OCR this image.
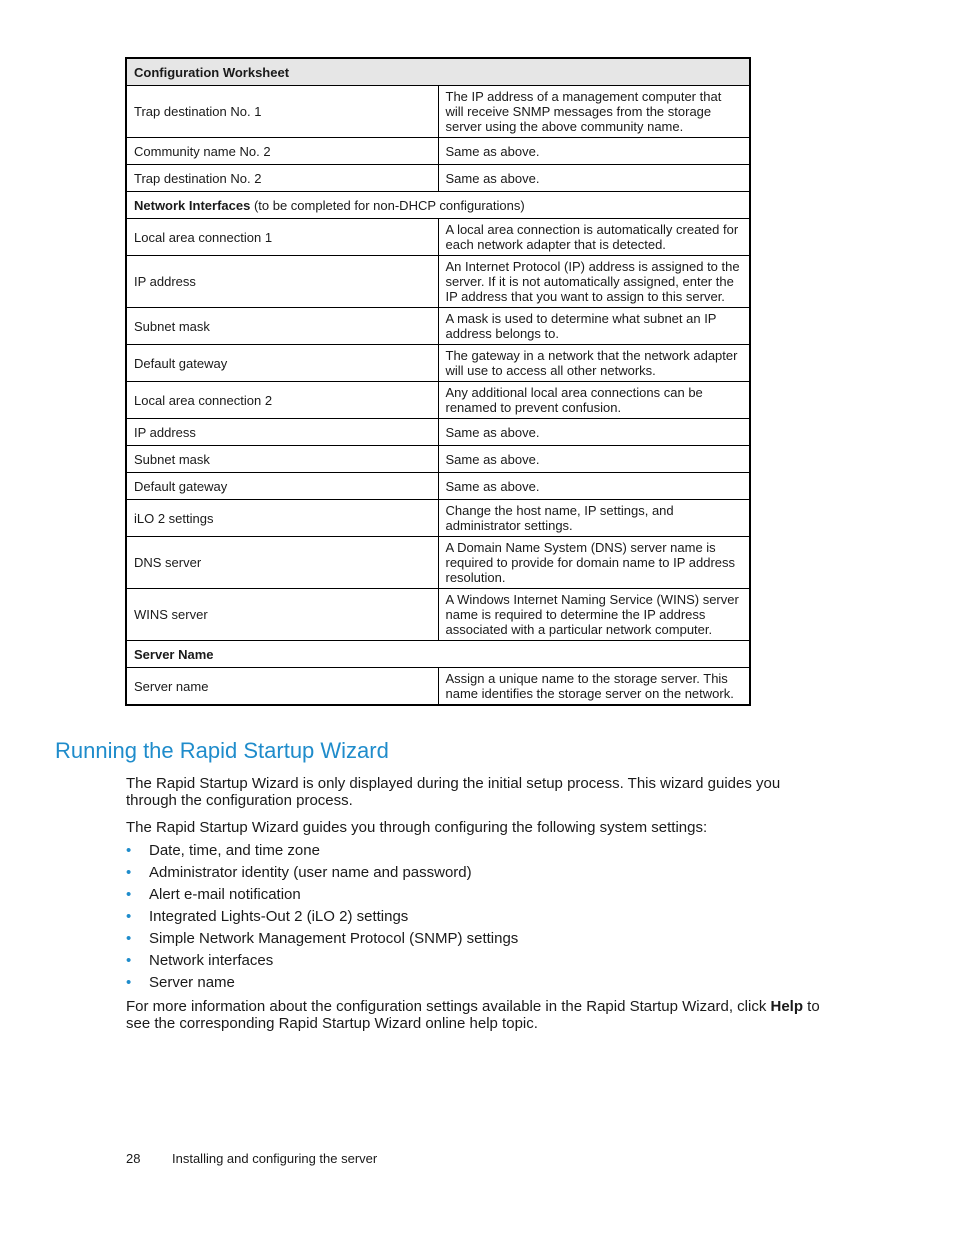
Configuration Worksheet	
Trap destination No. 1	The IP address of a management computer that will receive SNMP messages from the storage server using the above community name.
Community name No. 2	Same as above.
Trap destination No. 2	Same as above.
Network Interfaces (to be completed for non-DHCP configurations)	
Local area connection 1	A local area connection is automatically created for each network adapter that is detected.
IP address	An Internet Protocol (IP) address is assigned to the server. If it is not automatically assigned, enter the IP address that you want to assign to this server.
Subnet mask	A mask is used to determine what subnet an IP address belongs to.
Default gateway	The gateway in a network that the network adapter will use to access all other networks.
Local area connection 2	Any additional local area connections can be renamed to prevent confusion.
IP address	Same as above.
Subnet mask	Same as above.
Default gateway	Same as above.
iLO 2 settings	Change the host name, IP settings, and administrator settings.
DNS server	A Domain Name System (DNS) server name is required to provide for domain name to IP address resolution.
WINS server	A Windows Internet Naming Service (WINS) server name is required to determine the IP address associated with a particular network computer.
Server Name	
Server name	Assign a unique name to the storage server. This name identifies the storage server on the network.
Running the Rapid Startup Wizard

The Rapid Startup Wizard is only displayed during the initial setup process. This wizard guides you through the configuration process.

The Rapid Startup Wizard guides you through configuring the following system settings:

• Date, time, and time zone
• Administrator identity (user name and password)
• Alert e-mail notification
• Integrated Lights-Out 2 (iLO 2) settings
• Simple Network Management Protocol (SNMP) settings
• Network interfaces
• Server name

For more information about the configuration settings available in the Rapid Startup Wizard, click Help to see the corresponding Rapid Startup Wizard online help topic.

28 Installing and configuring the server
